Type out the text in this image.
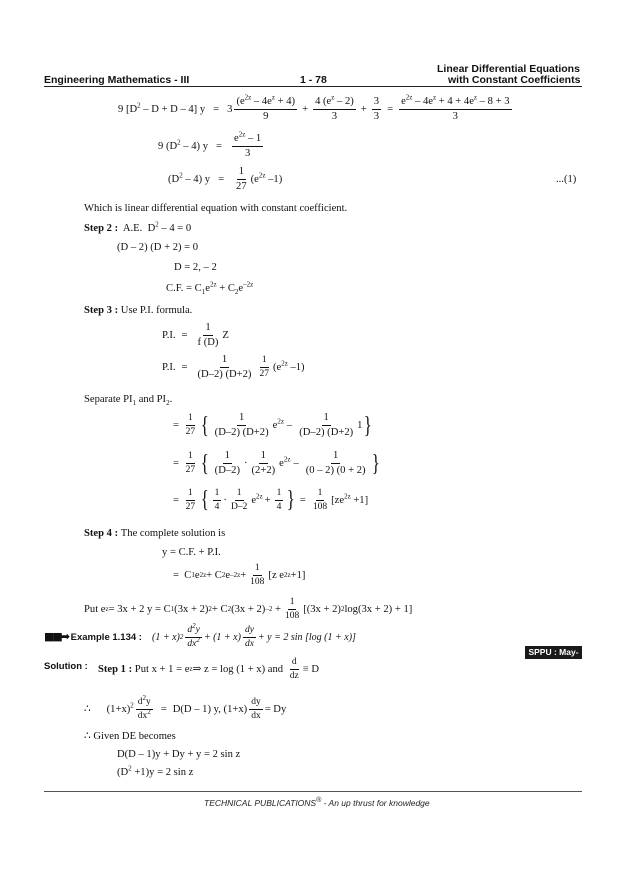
Linear Differential Equations
Engineering Mathematics - III	1 - 78	with Constant Coefficients
9 $[D^2 - D + D - 4] y = 3 \frac{(e^{2z} - 4e^z + 4)}{9} + \frac{4 (e^z - 2)}{3} + \frac{3}{3} = \frac{e^{2z} - 4e^z + 4 + 4e^z - 8 + 3}{3}$
9 $(D^2 - 4) y = \frac{e^{2z} - 1}{3}$
$(D^2 - 4) y = \frac{1}{27} (e^{2z}$ –1)	...(1)
Which is linear differential equation with constant coefficient.
Step 2 : A.E. $D^2 - 4 = 0$
(D – 2) (D + 2) = 0
D = 2, – 2
C.F. = $C_1e^{2z} + C_2e^{-2z}$
Step 3 : Use P.I. formula.
P.I. = $\frac{1}{f (D)}$ Z
P.I. = $\frac{1}{(D-2) (D+2)} \frac{1}{27} (e^{2z}$ –1)
Separate $PI_1$ and $PI_2$.
=
$\frac{1}{27}$ { $\frac{1}{(D-2) (D+2)} e^{2z} - \frac{1}{(D-2) (D+2)} 1$ }
=
$\frac{1}{27}$ { $\frac{1}{(D-2)} \cdot \frac{1}{(2+2)} e^{2z} - \frac{1}{(0 - 2) (0 + 2)}$ }
=
$\frac{1}{27}$ { $\frac{1}{4} \cdot \frac{1}{D-2} e^{2z} + \frac{1}{4}$ } = $\frac{1}{108} [ze^{2z} +1]$
Step 4 : The complete solution is
y = C.F. + P.I.
=
C 1 e 2z + C 2 e $-2z + \frac{1}{108} [z$ e 2z +1]
Put e z = 3x + 2 y = C 1 (3x + 2) 2 + C 2 (3x + 2) $-2 + \frac{1}{108} [(3x + 2)$ 2 log(3x + 2) + 1]
■■➡ Example 1.134 : (1 + x) $2 \frac{d^2y}{dx^2} + (1 + x) \frac{dy}{dx} + y = 2$ sin [log (1 + x)]
SPPU : May-16
Solution : Step 1 :
Put x + 1 = e z ⇒ z = log (1 + x) and
$\frac{d}{dz} \equiv D$
∴
$(1+x)^2 \frac{d^2y}{dx^2} = D(D - 1)$ y, $(1+x) \frac{dy}{dx} = Dy$
∴ Given DE becomes
D(D – 1)y + Dy + y = 2 sin z
$(D^2 +1)y = 2$ sin z
TECHNICAL PUBLICATIONS® - An up thrust for knowledge
